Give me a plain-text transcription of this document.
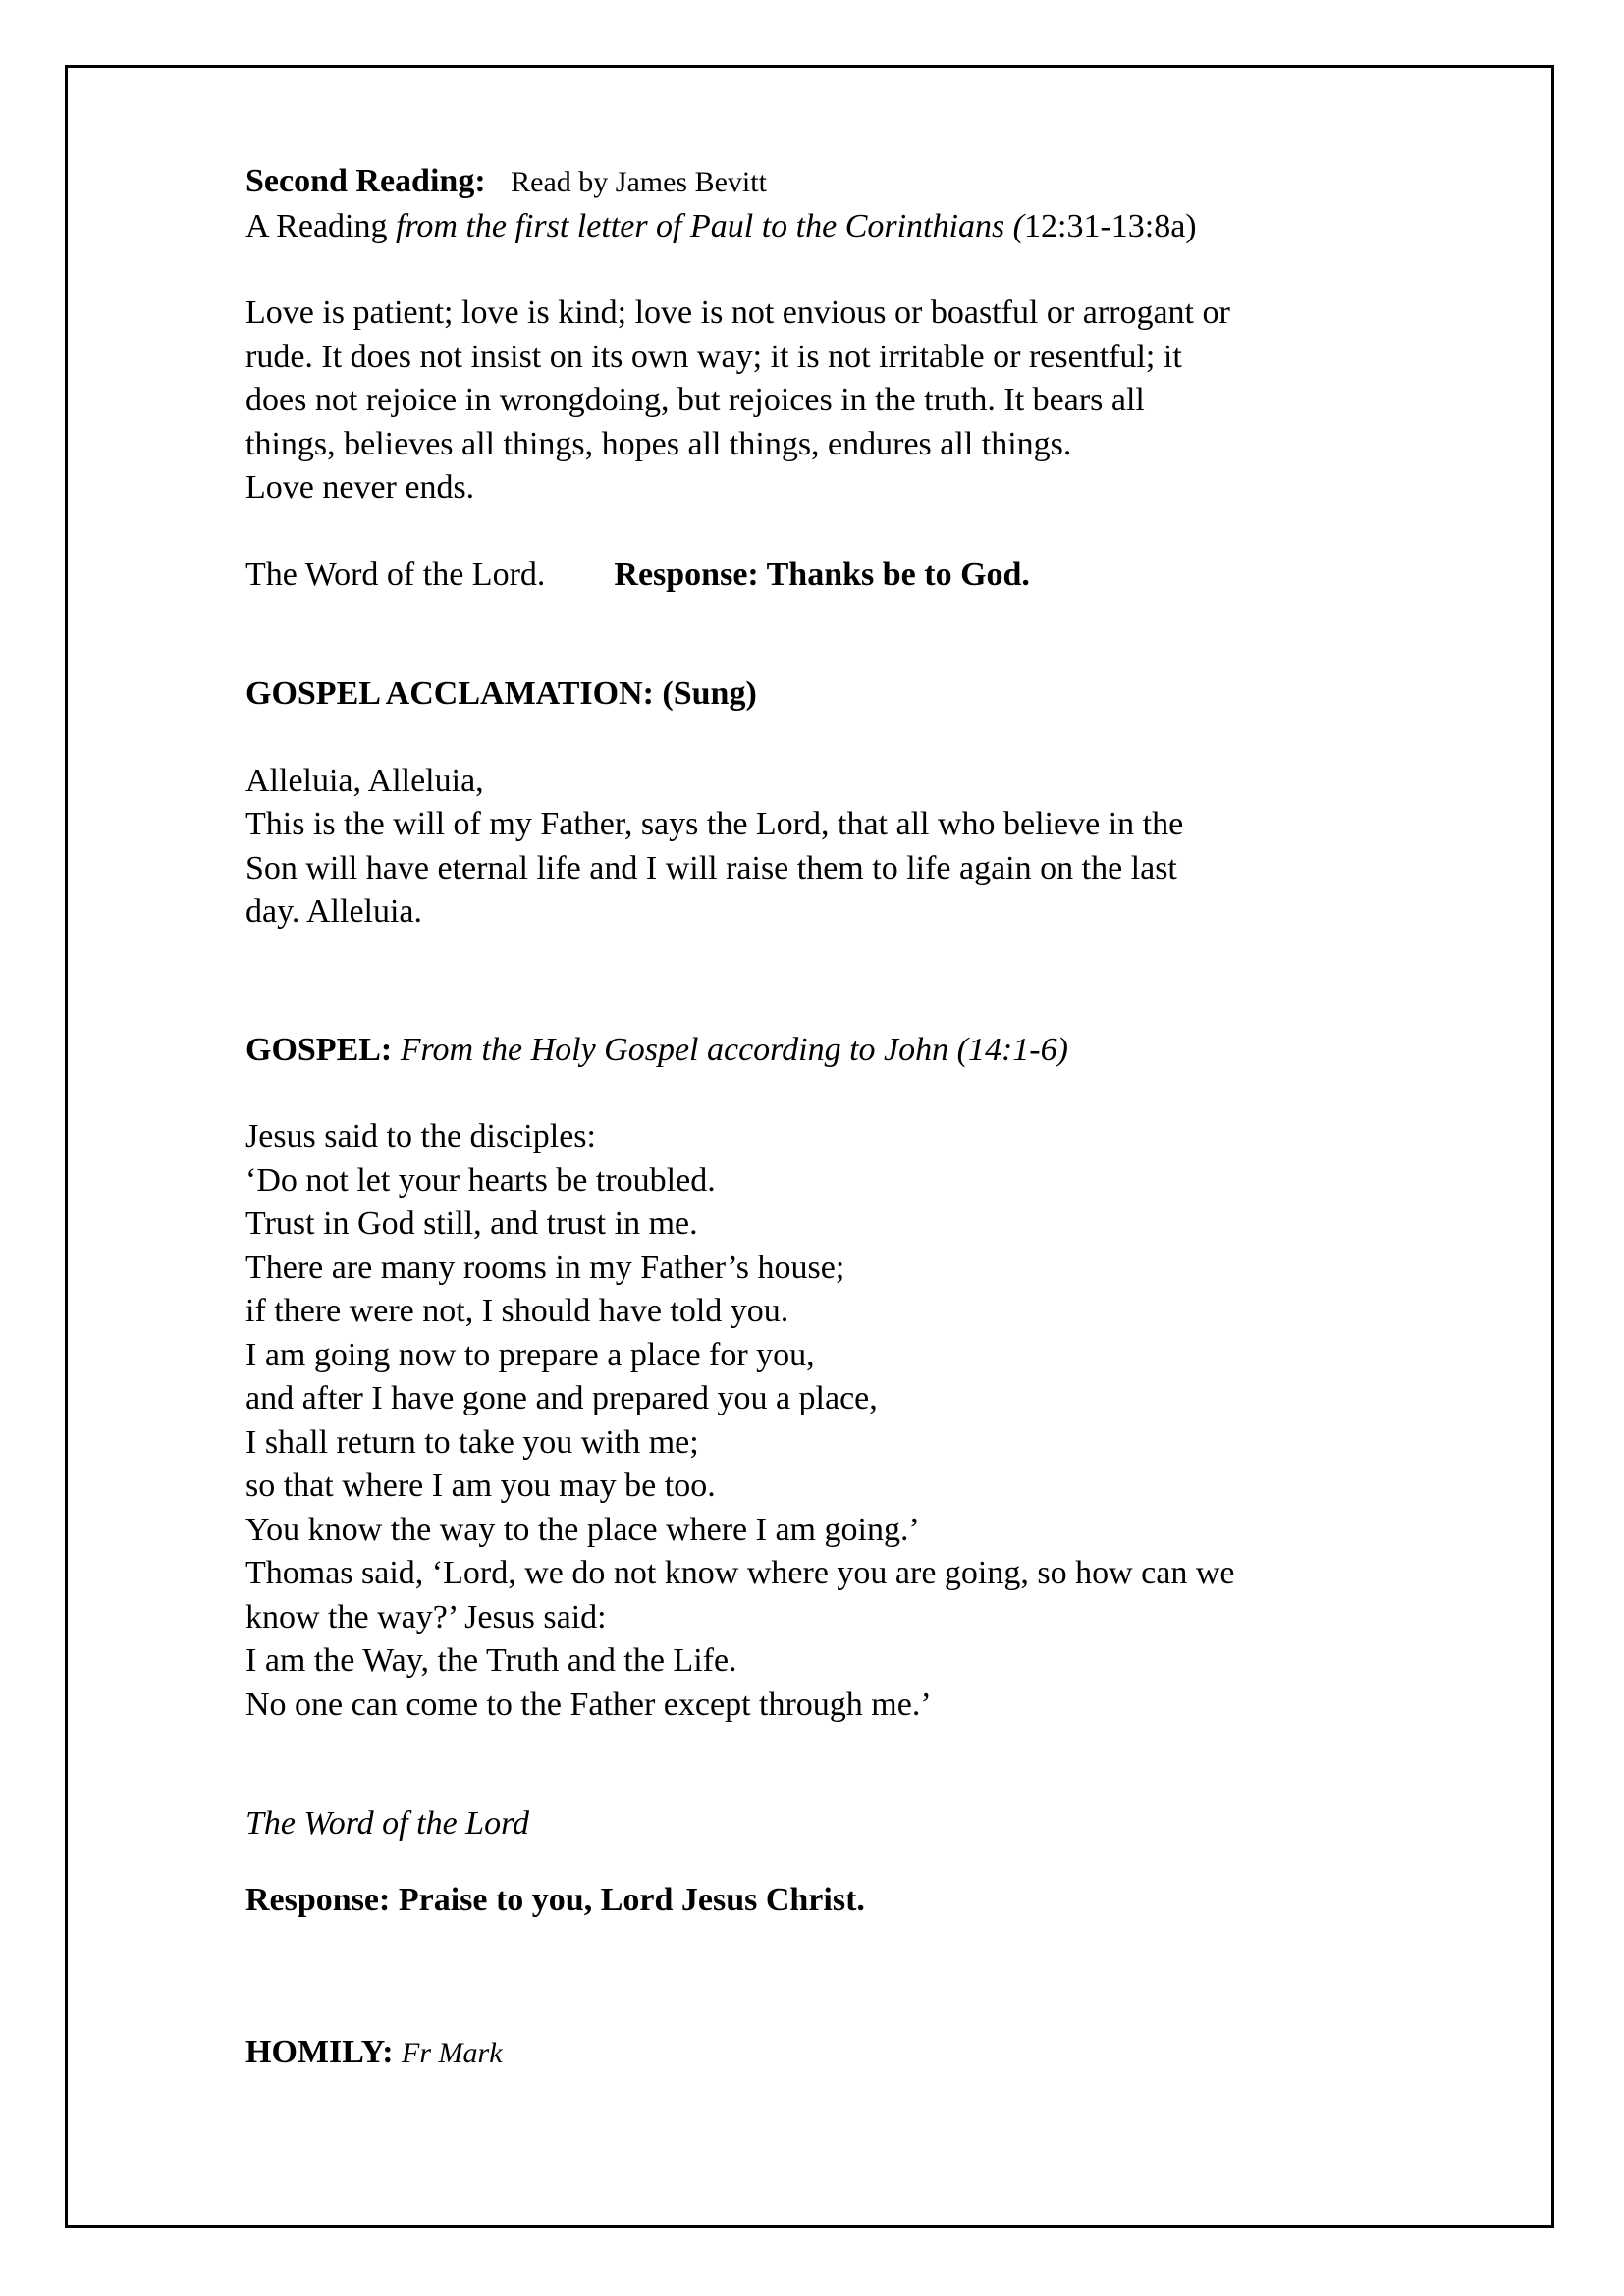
Second Reading: Read by James Bevitt
A Reading from the first letter of Paul to the Corinthians (12:31-13:8a)
Love is patient; love is kind; love is not envious or boastful or arrogant or
rude. It does not insist on its own way; it is not irritable or resentful; it
does not rejoice in wrongdoing, but rejoices in the truth. It bears all
things, believes all things, hopes all things, endures all things.
Love never ends.
The Word of the Lord. Response: Thanks be to God.
GOSPEL ACCLAMATION: (Sung)
Alleluia, Alleluia,
This is the will of my Father, says the Lord, that all who believe in the
Son will have eternal life and I will raise them to life again on the last
day. Alleluia.
GOSPEL: From the Holy Gospel according to John (14:1-6)
Jesus said to the disciples:
‘Do not let your hearts be troubled.
Trust in God still, and trust in me.
There are many rooms in my Father’s house;
if there were not, I should have told you.
I am going now to prepare a place for you,
and after I have gone and prepared you a place,
I shall return to take you with me;
so that where I am you may be too.
You know the way to the place where I am going.’
Thomas said, ‘Lord, we do not know where you are going, so how can we
know the way?’ Jesus said:
I am the Way, the Truth and the Life.
No one can come to the Father except through me.’
The Word of the Lord
Response: Praise to you, Lord Jesus Christ.
HOMILY: Fr Mark
